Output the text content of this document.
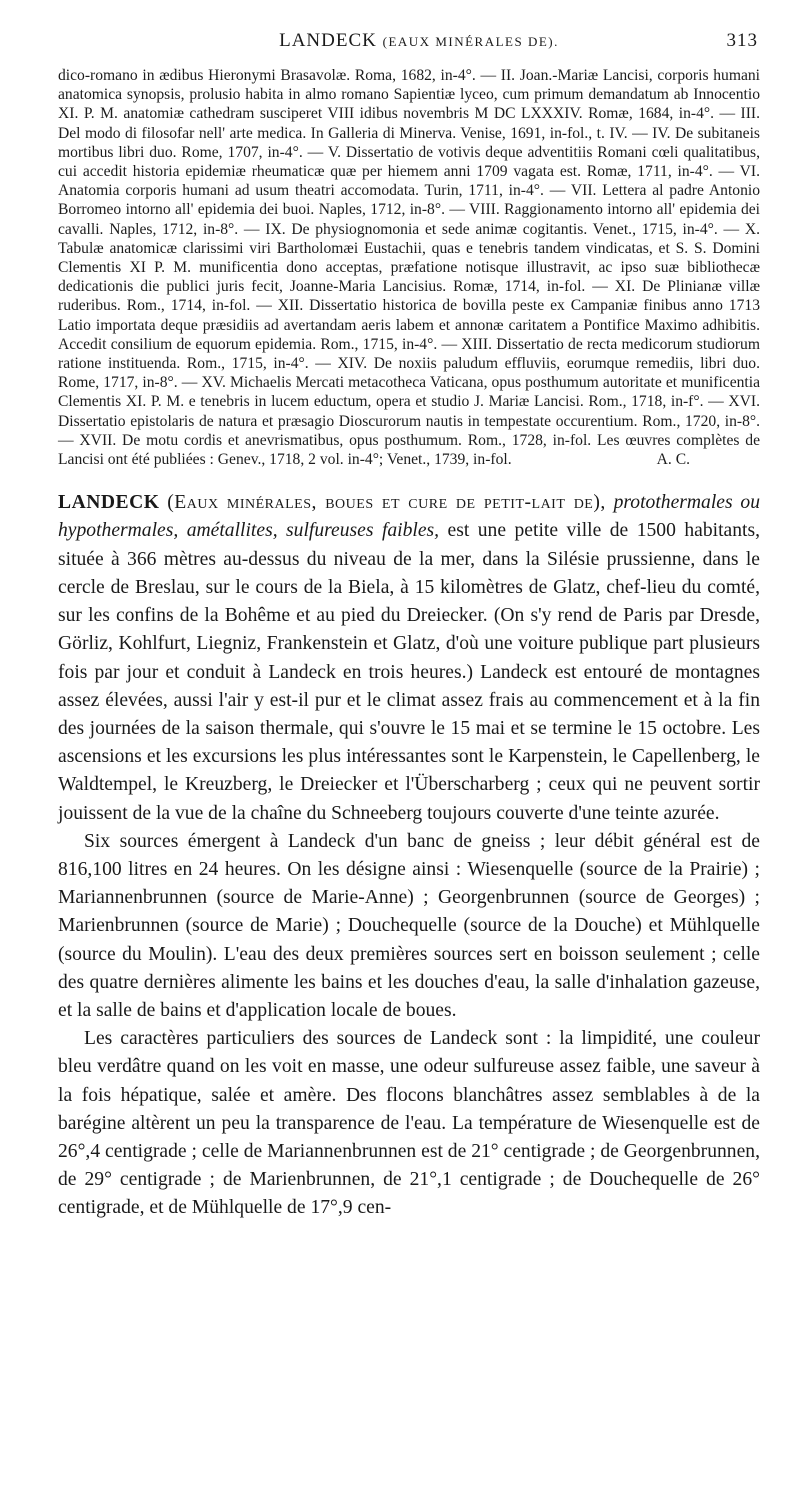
LANDECK (EAUX MINÉRALES DE).	313
dico-romano in ædibus Hieronymi Brasavolæ. Roma, 1682, in-4°. — II. Joan.-Mariæ Lancisi, corporis humani anatomica synopsis, prolusio habita in almo romano Sapientiæ lyceo, cum primum demandatum ab Innocentio XI. P. M. anatomiæ cathedram susciperet VIII idibus novembris M DC LXXXIV. Romæ, 1684, in-4°. — III. Del modo di filosofar nell' arte medica. In Galleria di Minerva. Venise, 1691, in-fol., t. IV. — IV. De subitaneis mortibus libri duo. Rome, 1707, in-4°. — V. Dissertatio de votivis deque adventitiis Romani cœli qualitatibus, cui accedit historia epidemiæ rheumaticæ quæ per hiemem anni 1709 vagata est. Romæ, 1711, in-4°. — VI. Anatomia corporis humani ad usum theatri accomodata. Turin, 1711, in-4°. — VII. Lettera al padre Antonio Borromeo intorno all' epidemia dei buoi. Naples, 1712, in-8°. — VIII. Raggionamento intorno all' epidemia dei cavalli. Naples, 1712, in-8°. — IX. De physiognomonia et sede animæ cogitantis. Venet., 1715, in-4°. — X. Tabulæ anatomicæ clarissimi viri Bartholomæi Eustachii, quas e tenebris tandem vindicatas, et S. S. Domini Clementis XI P. M. munificentia dono acceptas, præfatione notisque illustravit, ac ipso suæ bibliothecæ dedicationis die publici juris fecit, Joanne-Maria Lancisius. Romæ, 1714, in-fol. — XI. De Plinianæ villæ ruderibus. Rom., 1714, in-fol. — XII. Dissertatio historica de bovilla peste ex Campaniæ finibus anno 1713 Latio importata deque præsidiis ad avertandam aeris labem et annonæ caritatem a Pontifice Maximo adhibitis. Accedit consilium de equorum epidemia. Rom., 1715, in-4°. — XIII. Dissertatio de recta medicorum studiorum ratione instituenda. Rom., 1715, in-4°. — XIV. De noxiis paludum effluviis, eorumque remediis, libri duo. Rome, 1717, in-8°. — XV. Michaelis Mercati metacotheca Vaticana, opus posthumum autoritate et munificentia Clementis XI. P. M. e tenebris in lucem eductum, opera et studio J. Mariæ Lancisi. Rom., 1718, in-f°. — XVI. Dissertatio epistolaris de natura et præsagio Dioscurorum nautis in tempestate occurentium. Rom., 1720, in-8°. — XVII. De motu cordis et anevrismatibus, opus posthumum. Rom., 1728, in-fol. Les œuvres complètes de Lancisi ont été publiées : Genev., 1718, 2 vol. in-4°; Venet., 1739, in-fol.	A. C.

LANDECK (Eaux minérales, boues et cure de petit-lait de), protothermales ou hypothermales, amétallites, sulfureuses faibles, est une petite ville de 1500 habitants, située à 366 mètres au-dessus du niveau de la mer, dans la Silésie prussienne, dans le cercle de Breslau, sur le cours de la Biela, à 15 kilomètres de Glatz, chef-lieu du comté, sur les confins de la Bohême et au pied du Dreiecker. (On s'y rend de Paris par Dresde, Görliz, Kohlfurt, Liegniz, Frankenstein et Glatz, d'où une voiture publique part plusieurs fois par jour et conduit à Landeck en trois heures.) Landeck est entouré de montagnes assez élevées, aussi l'air y est-il pur et le climat assez frais au commencement et à la fin des journées de la saison thermale, qui s'ouvre le 15 mai et se termine le 15 octobre. Les ascensions et les excursions les plus intéressantes sont le Karpenstein, le Capellenberg, le Waldtempel, le Kreuzberg, le Dreiecker et l'Überscharberg ; ceux qui ne peuvent sortir jouissent de la vue de la chaîne du Schneeberg toujours couverte d'une teinte azurée.

Six sources émergent à Landeck d'un banc de gneiss ; leur débit général est de 816,100 litres en 24 heures. On les désigne ainsi : Wiesenquelle (source de la Prairie) ; Mariannenbrunnen (source de Marie-Anne) ; Georgenbrunnen (source de Georges) ; Marienbrunnen (source de Marie) ; Douchequelle (source de la Douche) et Mühlquelle (source du Moulin). L'eau des deux premières sources sert en boisson seulement ; celle des quatre dernières alimente les bains et les douches d'eau, la salle d'inhalation gazeuse, et la salle de bains et d'application locale de boues.

Les caractères particuliers des sources de Landeck sont : la limpidité, une couleur bleu verdâtre quand on les voit en masse, une odeur sulfureuse assez faible, une saveur à la fois hépatique, salée et amère. Des flocons blanchâtres assez semblables à de la barégine altèrent un peu la transparence de l'eau. La température de Wiesenquelle est de 26°,4 centigrade ; celle de Mariannenbrunnen est de 21° centigrade ; de Georgenbrunnen, de 29° centigrade ; de Marienbrunnen, de 21°,1 centigrade ; de Douchequelle de 26° centigrade, et de Mühlquelle de 17°,9 cen-
